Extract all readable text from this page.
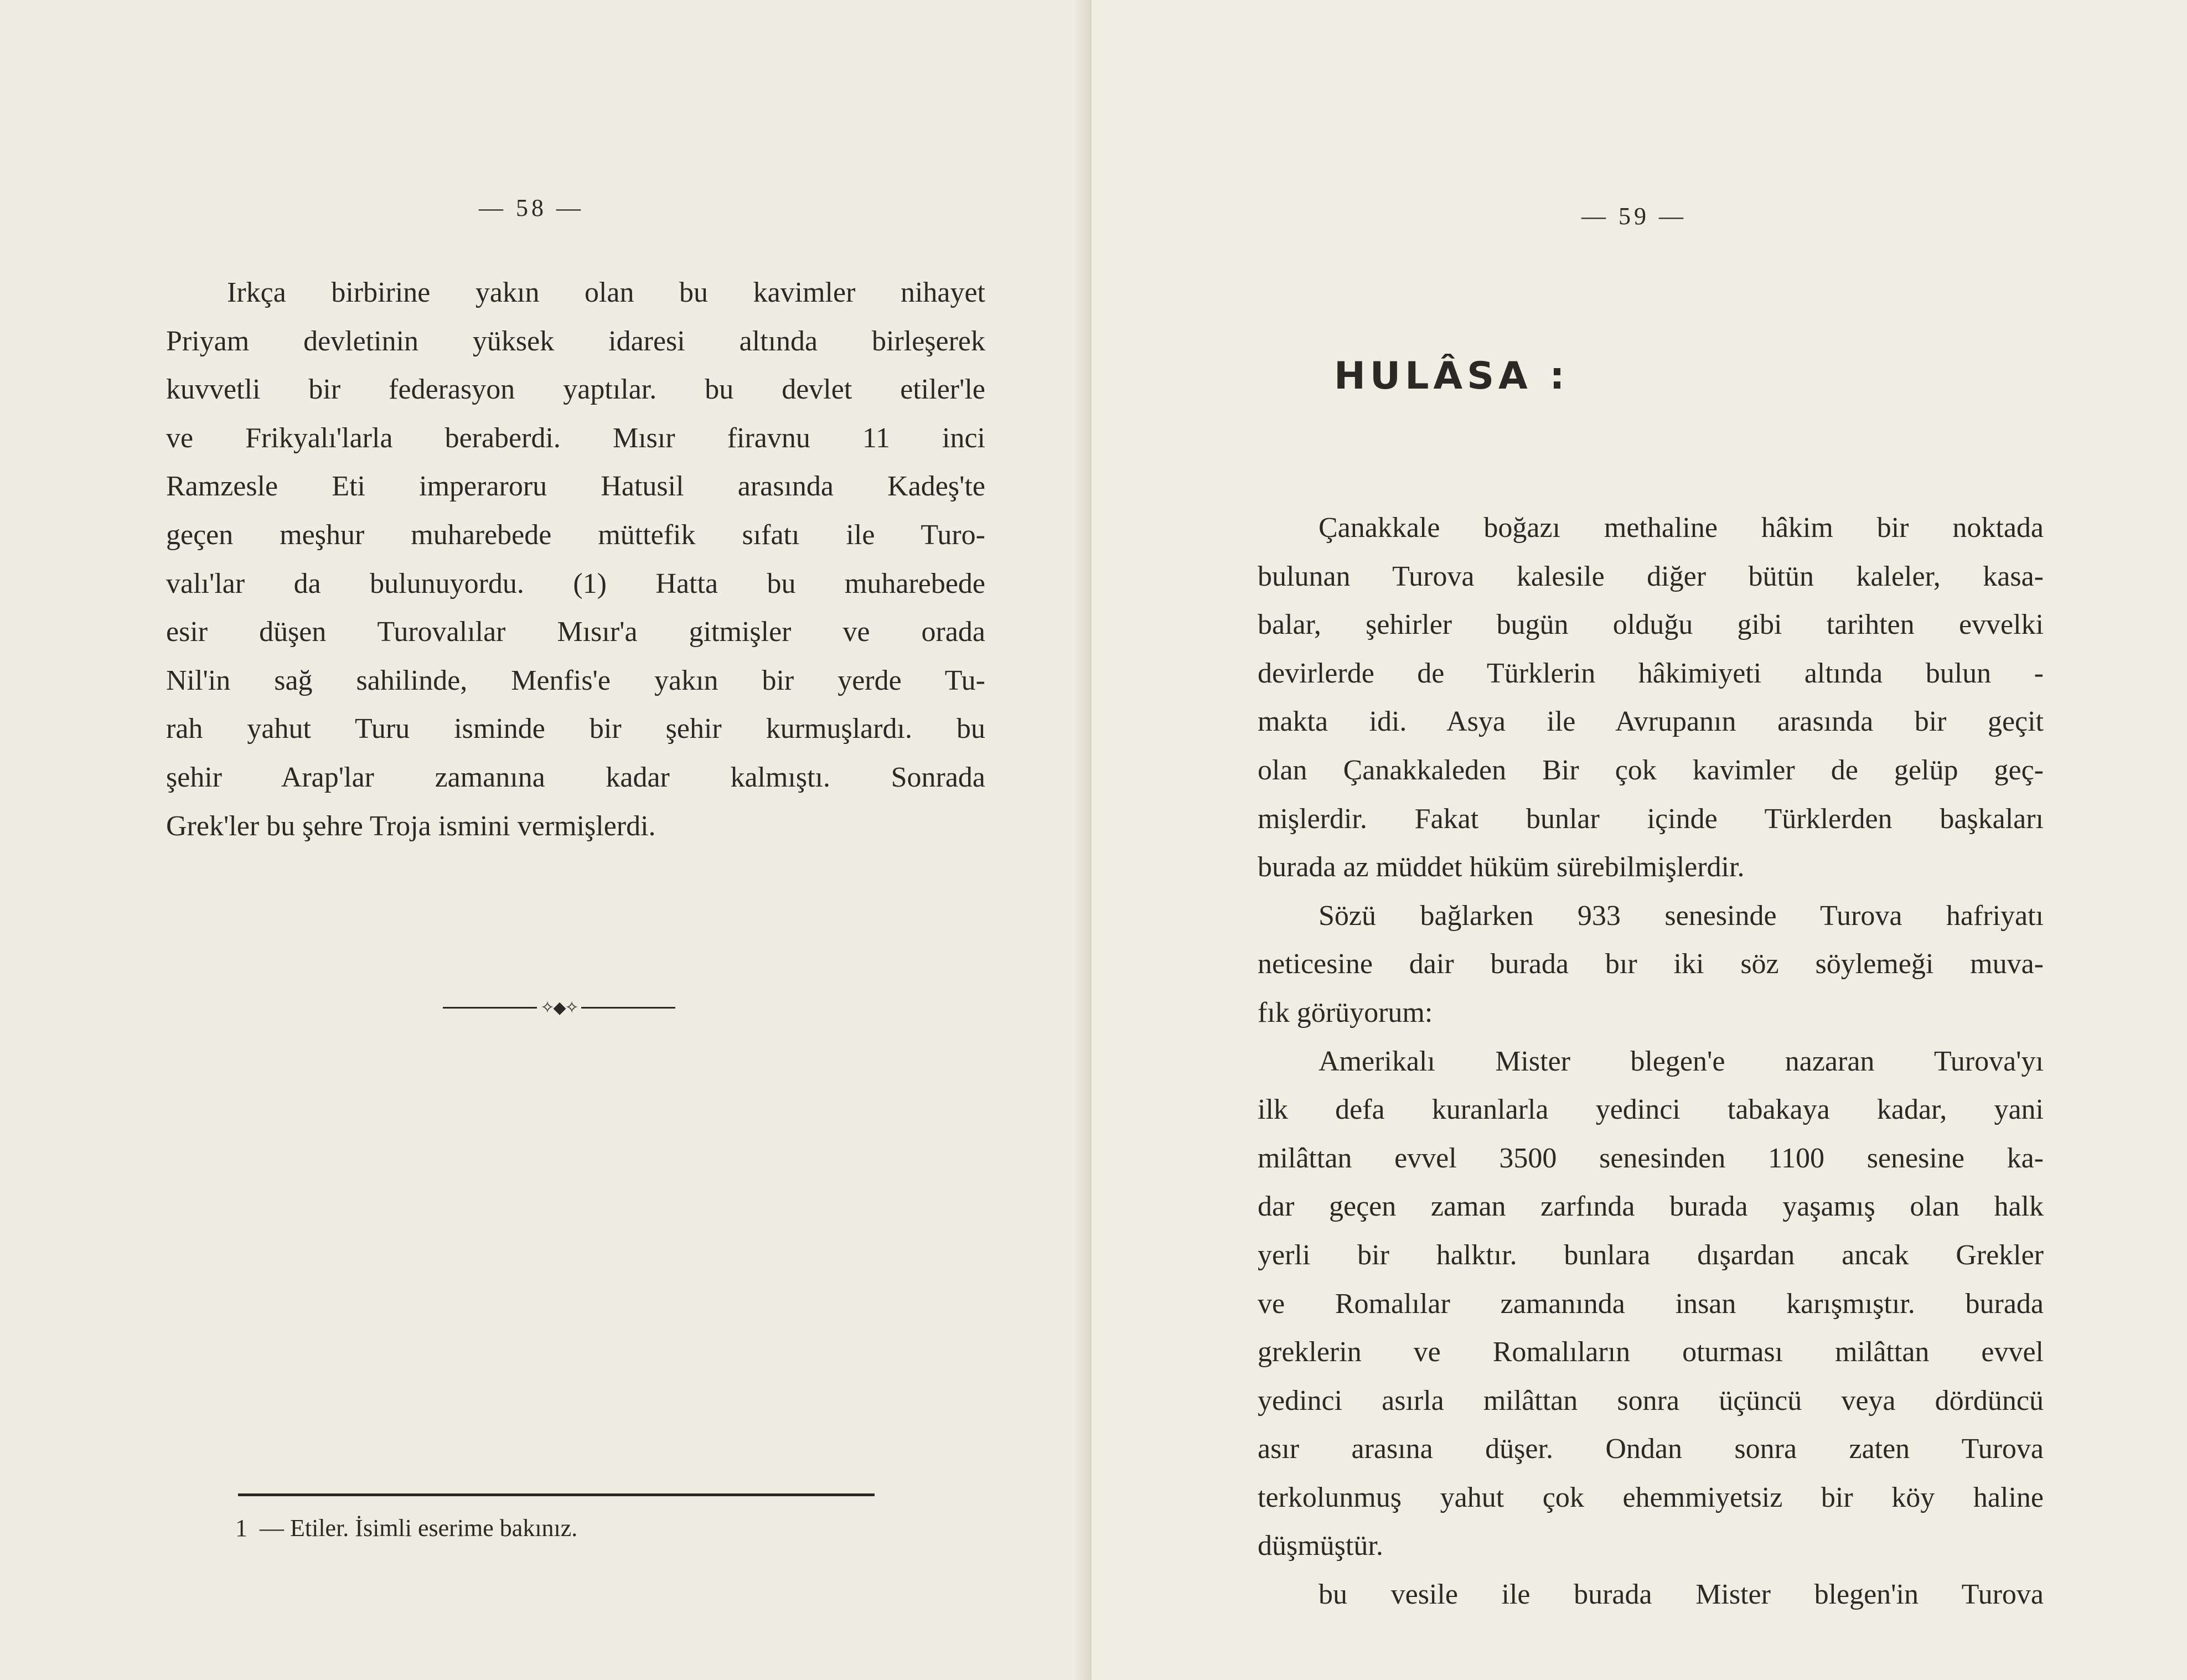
— 58 —
Irkça birbirine yakın olan bu kavimler nihayet
Priyam devletinin yüksek idaresi altında birleşerek
kuvvetli bir federasyon yaptılar. bu devlet etiler'le
ve Frikyalı'larla beraberdi. Mısır firavnu 11 inci
Ramzesle Eti imperaroru Hatusil arasında Kadeş'te
geçen meşhur muharebede müttefik sıfatı ile Turo-
valı'lar da bulunuyordu. (1) Hatta bu muharebede
esir düşen Turovalılar Mısır'a gitmişler ve orada
Nil'in sağ sahilinde, Menfis'e yakın bir yerde Tu-
rah yahut Turu isminde bir şehir kurmuşlardı. bu
şehir Arap'lar zamanına kadar kalmıştı. Sonrada
Grek'ler bu şehre Troja ismini vermişlerdi.
✧◆✧
1  — Etiler. İsimli eserime bakınız.
— 59 —
HULÂSA :
Çanakkale boğazı methaline hâkim bir noktada
bulunan Turova kalesile diğer bütün kaleler, kasa-
balar, şehirler bugün olduğu gibi tarihten evvelki
devirlerde de Türklerin hâkimiyeti altında bulun -
makta idi. Asya ile Avrupanın arasında bir geçit
olan Çanakkaleden Bir çok kavimler de gelüp geç-
mişlerdir. Fakat bunlar içinde Türklerden başkaları
burada az müddet hüküm sürebilmişlerdir.
Sözü bağlarken 933 senesinde Turova hafriyatı
neticesine dair burada bır iki söz söylemeği muva-
fık görüyorum:
Amerikalı Mister blegen'e nazaran Turova'yı
ilk defa kuranlarla yedinci tabakaya kadar, yani
milâttan evvel 3500 senesinden 1100 senesine ka-
dar geçen zaman zarfında burada yaşamış olan halk
yerli bir halktır. bunlara dışardan ancak Grekler
ve Romalılar zamanında insan karışmıştır. burada
greklerin ve Romalıların oturması milâttan evvel
yedinci asırla milâttan sonra üçüncü veya dördüncü
asır arasına düşer. Ondan sonra zaten Turova
terkolunmuş yahut çok ehemmiyetsiz bir köy haline
düşmüştür.
bu vesile ile burada Mister blegen'in Turova
